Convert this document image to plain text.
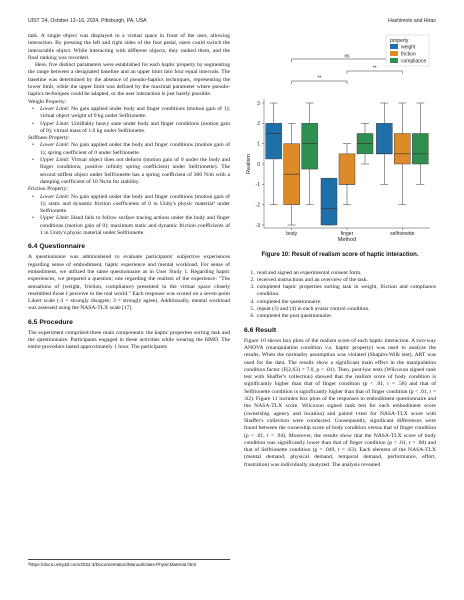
UIST '24, October 13–16, 2024, Pittsburgh, PA, USA	Hashimoto and Hirao

task. A single object was displayed in a virtual space in front of the user, allowing interaction. By pressing the left and right sides of the foot pedal, users could switch the interactable object. While interacting with different objects, they ranked them, and the final ranking was recorded.

Here, five distinct parameters were established for each haptic property by segmenting the range between a designated baseline and an upper limit into four equal intervals. The baseline was determined by the absence of pseudo-haptics techniques, representing the lower limit, while the upper limit was defined by the maximal parameter where pseudo-haptics techniques could be adapted, or the user interaction is just barely possible.

Weight Property:

• Lower Limit: No gain applied under body and finger conditions (motion gain of 1); virtual object weight of 0 kg under Selfrionette.
• Upper Limit: Unliftably heavy state under body and finger conditions (motion gain of 0); virtual mass of 1.6 kg under Selfrionette.

Stiffness Property:

• Lower Limit: No gain applied under the body and finger conditions (motion gain of 1); spring coefficient of 0 under Selfrionette.
• Upper Limit: Virtual object does not deform (motion gain of 0 under the body and finger conditions; positive infinity spring coefficient) under Selfrionette). The second stiffest object under Selfrionette has a spring coefficient of 300 N/m with a damping coefficient of 10 Ns/m for stability.

Friction Property:

• Lower Limit: No gain applied under the body and finger conditions (motion gain of 1); static and dynamic friction coefficients of 0 in Unity's physic material³ under Selfrionette.
• Upper Limit: Hand fails to follow surface tracing actions under the body and finger conditions (motion gain of 0); maximum static and dynamic friction coefficients of 1 in Unity's physic material under Selfrionette.
6.4 Questionnaire

A questionnaire was administered to evaluate participants' subjective experiences regarding sense of embodiment, haptic experience and mental workload. For sense of embodiment, we utilized the same questionnaire as in User Study 1. Regarding haptic experiences, we prepared a question; one regarding the realism of the experience: "The sensations of (weight, friction, compliance) presented in the virtual space closely resembled those I perceive in the real world." Each response was scored on a seven-point Likert scale (-3 = strongly disagree; 3 = strongly agree). Additionally, mental workload was assessed using the NASA-TLX scale [17].

6.5 Procedure

The experiment comprised three main components: the haptic properties sorting task and the questionnaire. Participants engaged in these activities while wearing the HMD. The entire procedure lasted approximately 1 hour. The participants

³https://docs.unity3d.com/2022.3/Documentation/Manual/class-PhysicMaterial.html
-3
-2
-1
0
1
2
3
Realism
body	finger	selfrionette
Method
**
**
ns
property
weight
friction
compliance
Figure 10: Result of realism score of haptic interaction.
1. read and signed an experimental consent form.
2. received instructions and an overview of the task.
3. completed haptic properties sorting task in weight, friction and compliance condition.
4. completed the questionnaire.
5. repeat (3) and (4) in each avatar control condition.
6. completed the post questionnaire.
6.6 Result

Figure 10 shows box plots of the realism score of each haptic interaction. A two-way ANOVA (manipulation condition v.s. haptic property) was used to analyze the results. When the normality assumption was violated (Shapiro-Wilk test), ART was used for the data. The results show a significant main effect in the manipulation condition factor (F(2,63) = 7.0, p < .01). Then, post-hoc tests (Wilcoxon signed rank test with Shaffer's collection) showed that the realism score of body condition is significantly higher than that of finger condition (p < .01, r = .58) and that of Selfrionette condition is significantly higher than that of finger condition (p < .01, r = .62). Figure 11 includes box plots of the responses to embodiment questionnaire and the NASA-TLX score. Wilcoxon signed rank test for each embodiment score (ownership, agency and location) and paired t-test for NASA-TLX score with Shaffer's collection were conducted. Consequently, significant differences were found between the ownership score of body condition versus that of finger condition (p < .01, r = .94). Moreover, the results show that the NASA-TLX score of body condition was significantly lower than that of finger condition (p < .01, r = .80) and that of Selfrionette condition (p = .049, r = .63). Each element of the NASA-TLX (mental demand, physical demand, temporal demand, performance, effort, frustration) was individually analyzed. The analysis revealed
